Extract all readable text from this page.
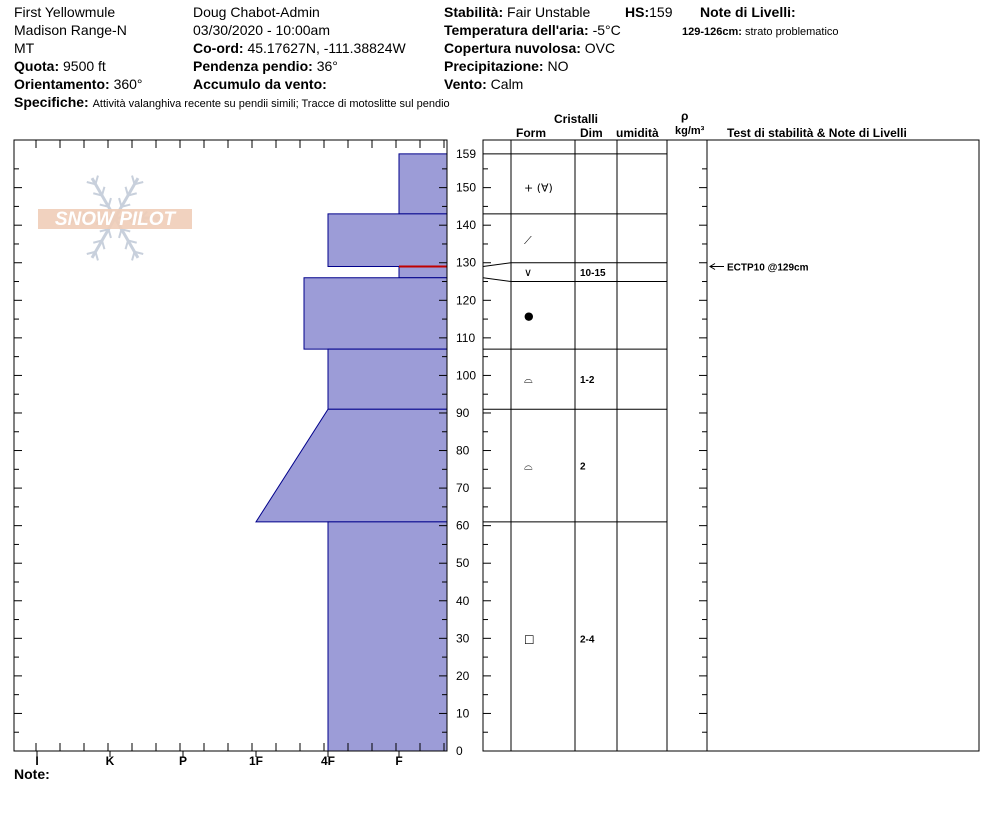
First Yellowmule
Madison Range-N
MT
Quota: 9500 ft
Orientamento: 360°
Doug Chabot-Admin
03/30/2020 - 10:00am
Co-ord: 45.17627N, -111.38824W
Pendenza pendio: 36°
Accumulo da vento:
Stabilità: Fair Unstable HS:159
Temperatura dell'aria: -5°C
Copertura nuvolosa: OVC
Precipitazione: NO
Vento: Calm
Note di Livelli:
129-126cm: strato problematico
Specifiche: Attività valanghiva recente su pendii simili; Tracce di motoslitte sul pendio
Cristalli
Form	Dim umidità
ρ
kg/m³ Test di stabilità & Note di Livelli
Note:
SNOW PILOT
0
10
20
30
40
50
60
70
80
90
100
110
120
130
140
150
159
I	K	P	1F	4F	F
+ (∀)
⟋
∨	10-15
●
⌓	1-2
⌓	2
□	2-4
ECTP10 @129cm
